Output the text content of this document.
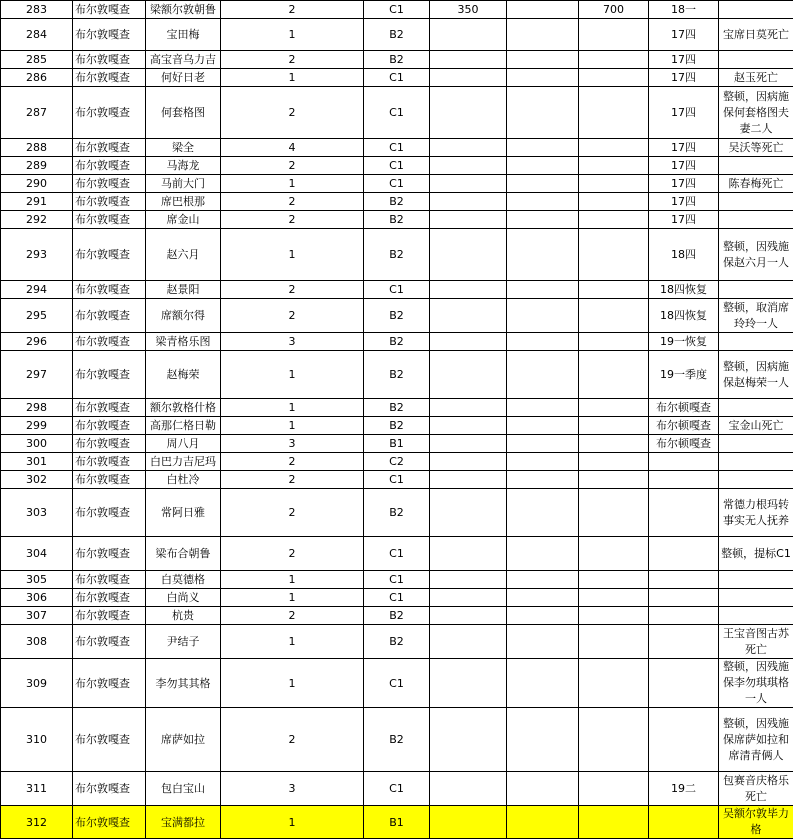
283	布尔敦嘎查	梁额尔敦朝鲁	2	C1	350		700	18一	
284	布尔敦嘎查	宝田梅	1	B2				17四	宝席日莫死亡
285	布尔敦嘎查	高宝音乌力吉	2	B2				17四	
286	布尔敦嘎查	何好日老	1	C1				17四	赵玉死亡
287	布尔敦嘎查	何套格图	2	C1				17四	整顿，因病施保何套格图夫妻二人
288	布尔敦嘎查	梁全	4	C1				17四	吴沃等死亡
289	布尔敦嘎查	马海龙	2	C1				17四	
290	布尔敦嘎查	马前大门	1	C1				17四	陈春梅死亡
291	布尔敦嘎查	席巴根那	2	B2				17四	
292	布尔敦嘎查	席金山	2	B2				17四	
293	布尔敦嘎查	赵六月	1	B2				18四	整顿，因残施保赵六月一人
294	布尔敦嘎查	赵景阳	2	C1				18四恢复	
295	布尔敦嘎查	席额尔得	2	B2				18四恢复	整顿，取消席玲玲一人
296	布尔敦嘎查	梁青格乐图	3	B2				19一恢复	
297	布尔敦嘎查	赵梅荣	1	B2				19一季度	整顿，因病施保赵梅荣一人
298	布尔敦嘎查	额尔敦格什格	1	B2				布尔顿嘎查	
299	布尔敦嘎查	高那仁格日勒	1	B2				布尔顿嘎查	宝金山死亡
300	布尔敦嘎查	周八月	3	B1				布尔顿嘎查	
301	布尔敦嘎查	白巴力吉尼玛	2	C2					
302	布尔敦嘎查	白杜冷	2	C1					
303	布尔敦嘎查	常阿日雅	2	B2					常德力根玛转事实无人抚养
304	布尔敦嘎查	梁布合朝鲁	2	C1					整顿，提标C1
305	布尔敦嘎查	白莫德格	1	C1					
306	布尔敦嘎查	白尚义	1	C1					
307	布尔敦嘎查	杭贵	2	B2					
308	布尔敦嘎查	尹结子	1	B2					王宝音图古苏死亡
309	布尔敦嘎查	李勿其其格	1	C1					整顿，因残施保李勿琪琪格一人
310	布尔敦嘎查	席萨如拉	2	B2					整顿，因残施保席萨如拉和席清青俩人
311	布尔敦嘎查	包白宝山	3	C1				19二	包赛音庆格乐死亡
312	布尔敦嘎查	宝满都拉	1	B1					吴额尔敦毕力格
